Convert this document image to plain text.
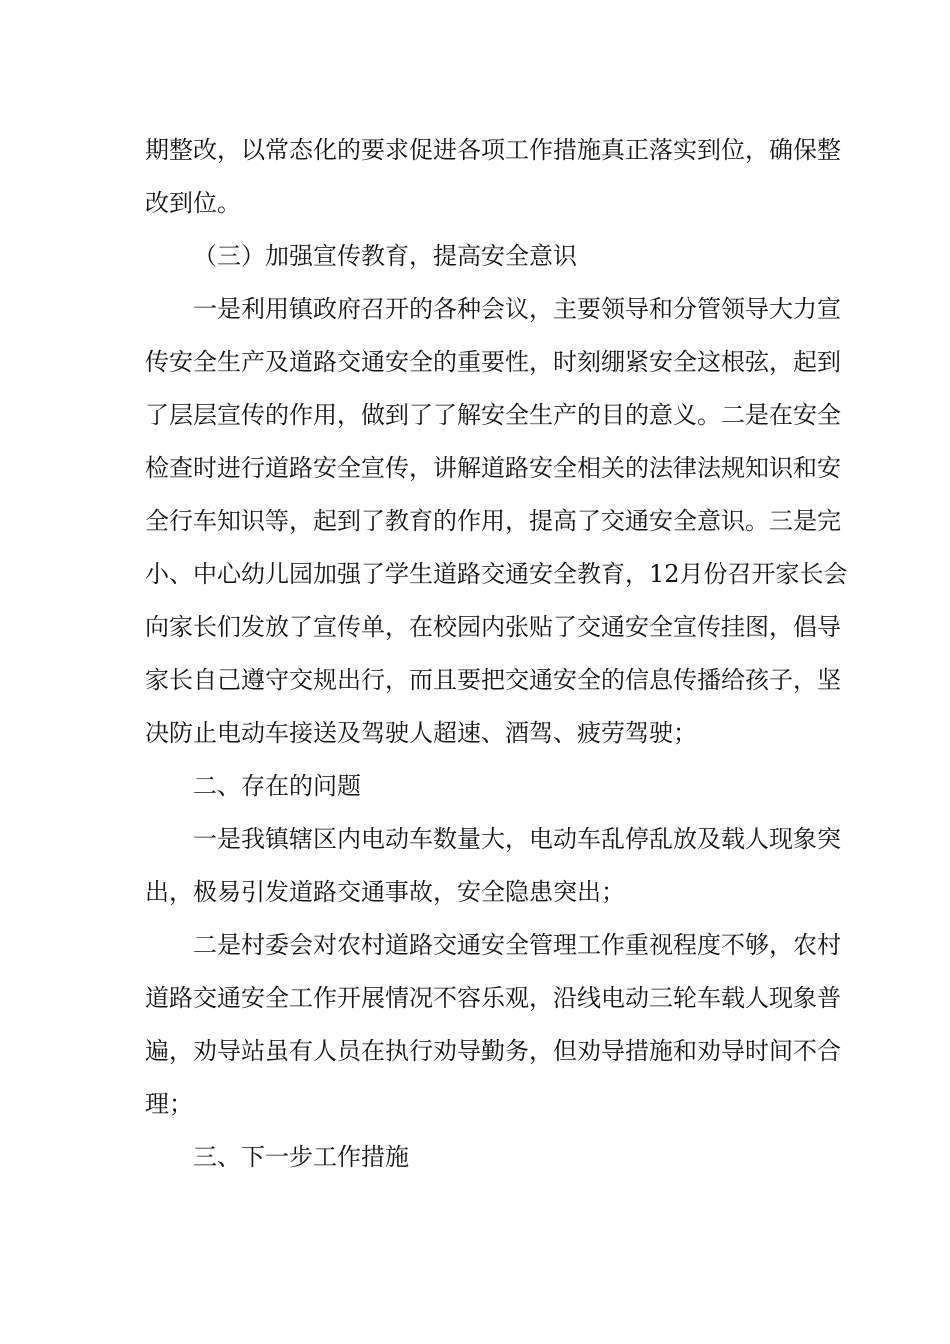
期整改，以常态化的要求促进各项工作措施真正落实到位，确保整
改到位。
（三）加强宣传教育，提高安全意识
一是利用镇政府召开的各种会议，主要领导和分管领导大力宣
传安全生产及道路交通安全的重要性，时刻绷紧安全这根弦，起到
了层层宣传的作用，做到了了解安全生产的目的意义。二是在安全
检查时进行道路安全宣传，讲解道路安全相关的法律法规知识和安
全行车知识等，起到了教育的作用，提高了交通安全意识。三是完
小、中心幼儿园加强了学生道路交通安全教育，12月份召开家长会
向家长们发放了宣传单，在校园内张贴了交通安全宣传挂图，倡导
家长自己遵守交规出行，而且要把交通安全的信息传播给孩子，坚
决防止电动车接送及驾驶人超速、酒驾、疲劳驾驶；
二、存在的问题
一是我镇辖区内电动车数量大，电动车乱停乱放及载人现象突
出，极易引发道路交通事故，安全隐患突出；
二是村委会对农村道路交通安全管理工作重视程度不够，农村
道路交通安全工作开展情况不容乐观，沿线电动三轮车载人现象普
遍，劝导站虽有人员在执行劝导勤务，但劝导措施和劝导时间不合
理；
三、下一步工作措施
